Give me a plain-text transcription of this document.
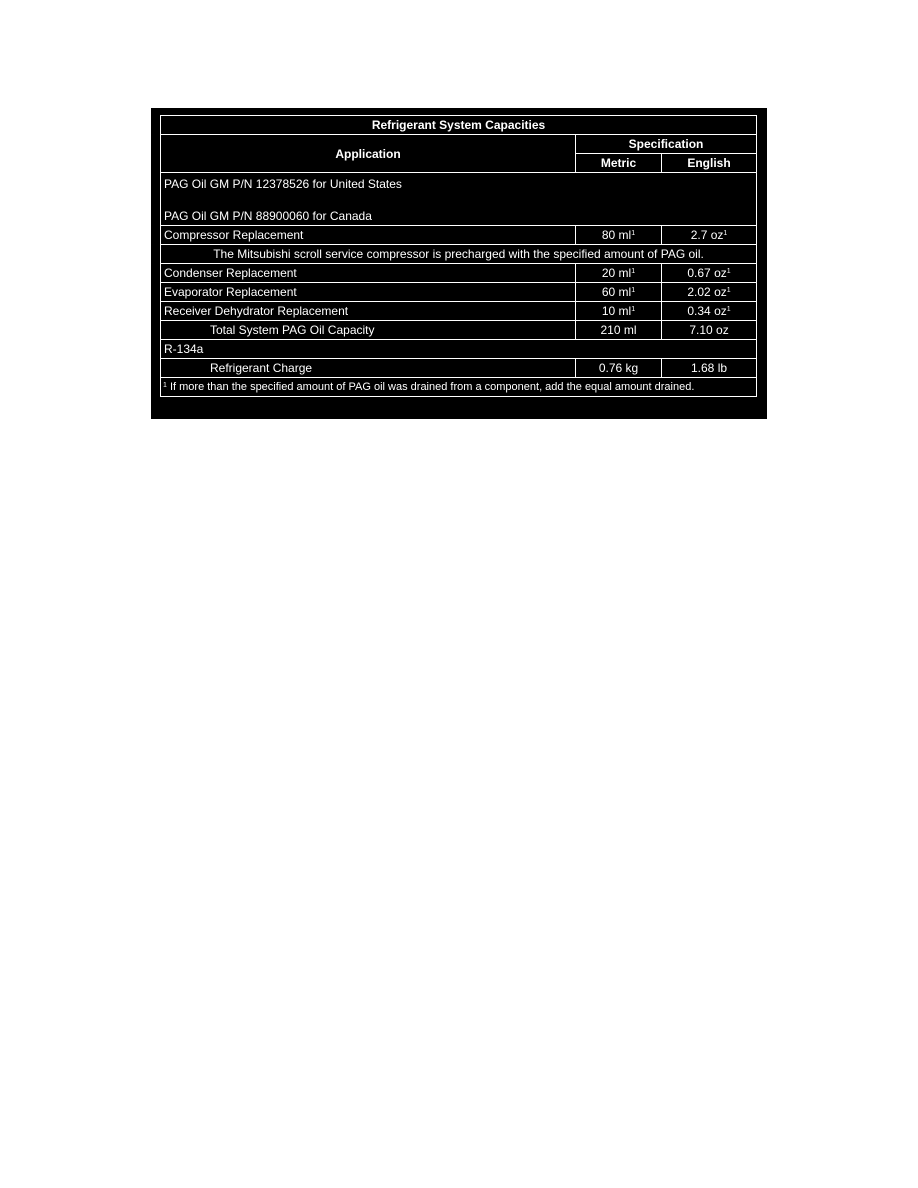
Refrigerant System Capacities		
Application	Specification	
	Metric	English
PAG Oil GM P/N 12378526 for United States
PAG Oil GM P/N 88900060 for Canada		
Compressor Replacement	80 $ml^1$	2.7 $oz^1$
The Mitsubishi scroll service compressor is precharged with the specified amount of PAG oil.		
Condenser Replacement	20 $ml^1$	0.67 $oz^1$
Evaporator Replacement	60 $ml^1$	2.02 $oz^1$
Receiver Dehydrator Replacement	10 $ml^1$	0.34 $oz^1$
Total System PAG Oil Capacity	210 ml	7.10 oz
R-134a		
Refrigerant Charge	0.76 kg	1.68 lb
$^1$ If more than the specified amount of PAG oil was drained from a component, add the equal amount drained.		
